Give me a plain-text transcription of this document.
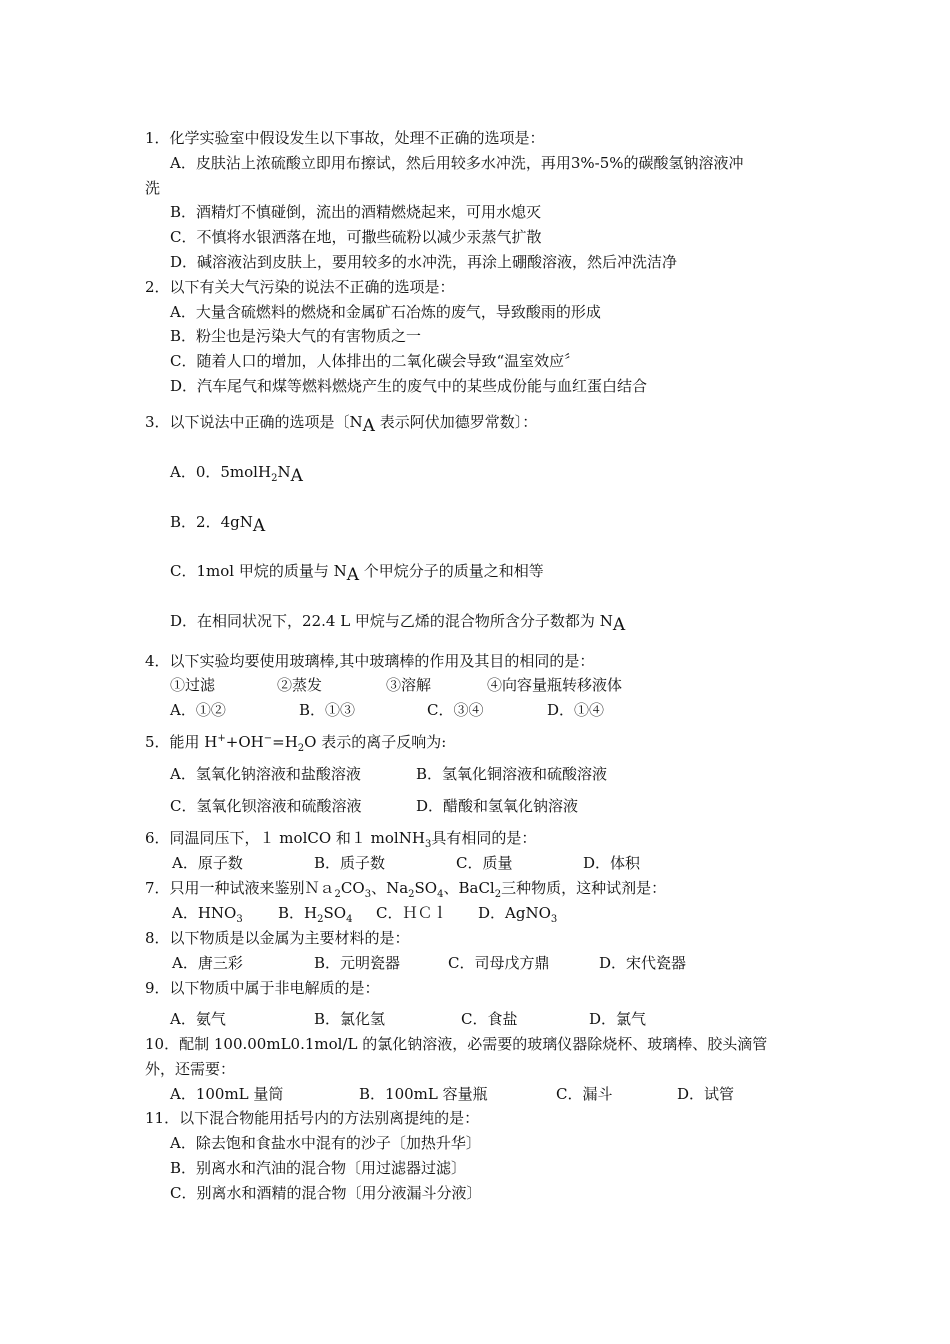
1．化学实验室中假设发生以下事故，处理不正确的选项是：
A．皮肤沾上浓硫酸立即用布擦试，然后用较多水冲洗，再用3%-5%的碳酸氢钠溶液冲
洗
B．酒精灯不慎碰倒，流出的酒精燃烧起来，可用水熄灭
C．不慎将水银洒落在地，可撒些硫粉以减少汞蒸气扩散
D．碱溶液沾到皮肤上，要用较多的水冲洗，再涂上硼酸溶液，然后冲洗洁净
2．以下有关大气污染的说法不正确的选项是：
A．大量含硫燃料的燃烧和金属矿石冶炼的废气，导致酸雨的形成
B．粉尘也是污染大气的有害物质之一
C．随着人口的增加，人体排出的二氧化碳会导致“温室效应〞
D．汽车尾气和煤等燃料燃烧产生的废气中的某些成份能与血红蛋白结合
3．以下说法中正确的选项是〔NA 表示阿伏加德罗常数〕：
A．0．5molH$_2$NA
B．2．4gNA
C．1mol 甲烷的质量与 NA 个甲烷分子的质量之和相等
D．在相同状况下，22.4 L 甲烷与乙烯的混合物所含分子数都为 NA
4．以下实验均要使用玻璃棒,其中玻璃棒的作用及其目的相同的是：
①过滤	②蒸发	③溶解	④向容量瓶转移液体
A．①②	B．①③	C．③④	D．①④
5．能用 $H^++OH^-=H_2O$ 表示的离子反响为:
A．氢氧化钠溶液和盐酸溶液	B．氢氧化铜溶液和硫酸溶液
C．氢氧化钡溶液和硫酸溶液	D．醋酸和氢氧化钠溶液
6．同温同压下，１ molCO 和１ molNH$_3$具有相同的是：
A．原子数	B．质子数	C．质量	D．体积
7．只用一种试液来鉴别$Na_2CO_3$、$Na_2SO_4$、BaCl$_2$三种物质，这种试剂是：
A．$HNO_3$ B．$H_2SO_4$ C．ＨＣｌ D．AgNO$_3$
8．以下物质是以金属为主要材料的是：
A．唐三彩	B．元明瓷器	C．司母戊方鼎	D．宋代瓷器
9．以下物质中属于非电解质的是：
A．氨气	B．氯化氢	C．食盐	D．氯气
10．配制 100.00mL0.1mol/L 的氯化钠溶液，必需要的玻璃仪器除烧杯、玻璃棒、胶头滴管
外，还需要：
A．100mL 量筒	B．100mL 容量瓶	C．漏斗	D．试管
11．以下混合物能用括号内的方法别离提纯的是：
A．除去饱和食盐水中混有的沙子〔加热升华〕
B．别离水和汽油的混合物〔用过滤器过滤〕
C．别离水和酒精的混合物〔用分液漏斗分液〕
